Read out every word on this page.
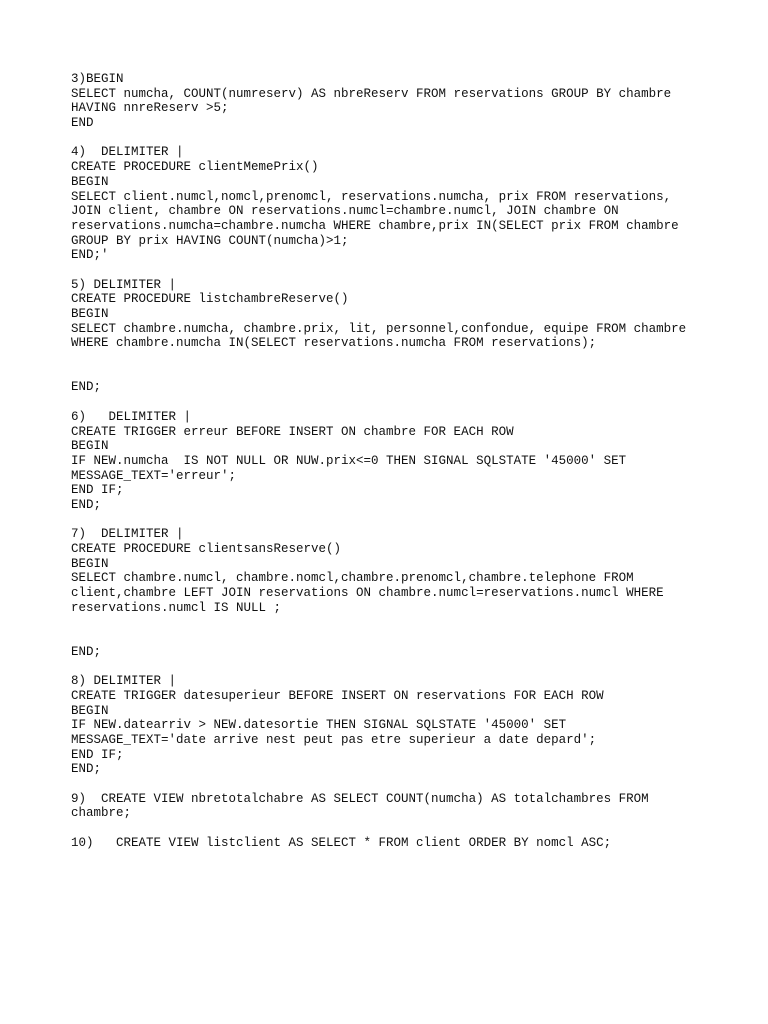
3)BEGIN
SELECT numcha, COUNT(numreserv) AS nbreReserv FROM reservations GROUP BY chambre
HAVING nnreReserv >5;
END
4)  DELIMITER |
CREATE PROCEDURE clientMemePrix()
BEGIN
SELECT client.numcl,nomcl,prenomcl, reservations.numcha, prix FROM reservations,
JOIN client, chambre ON reservations.numcl=chambre.numcl, JOIN chambre ON
reservations.numcha=chambre.numcha WHERE chambre,prix IN(SELECT prix FROM chambre
GROUP BY prix HAVING COUNT(numcha)>1;
END;'
5) DELIMITER |
CREATE PROCEDURE listchambreReserve()
BEGIN
SELECT chambre.numcha, chambre.prix, lit, personnel,confondue, equipe FROM chambre
WHERE chambre.numcha IN(SELECT reservations.numcha FROM reservations);
END;
6)   DELIMITER |
CREATE TRIGGER erreur BEFORE INSERT ON chambre FOR EACH ROW
BEGIN
IF NEW.numcha  IS NOT NULL OR NUW.prix<=0 THEN SIGNAL SQLSTATE '45000' SET
MESSAGE_TEXT='erreur';
END IF;
END;
7)  DELIMITER |
CREATE PROCEDURE clientsansReserve()
BEGIN
SELECT chambre.numcl, chambre.nomcl,chambre.prenomcl,chambre.telephone FROM
client,chambre LEFT JOIN reservations ON chambre.numcl=reservations.numcl WHERE
reservations.numcl IS NULL ;
END;
8) DELIMITER |
CREATE TRIGGER datesuperieur BEFORE INSERT ON reservations FOR EACH ROW
BEGIN
IF NEW.datearriv > NEW.datesortie THEN SIGNAL SQLSTATE '45000' SET
MESSAGE_TEXT='date arrive nest peut pas etre superieur a date depard';
END IF;
END;
9)  CREATE VIEW nbretotalchabre AS SELECT COUNT(numcha) AS totalchambres FROM
chambre;
10)   CREATE VIEW listclient AS SELECT * FROM client ORDER BY nomcl ASC;
